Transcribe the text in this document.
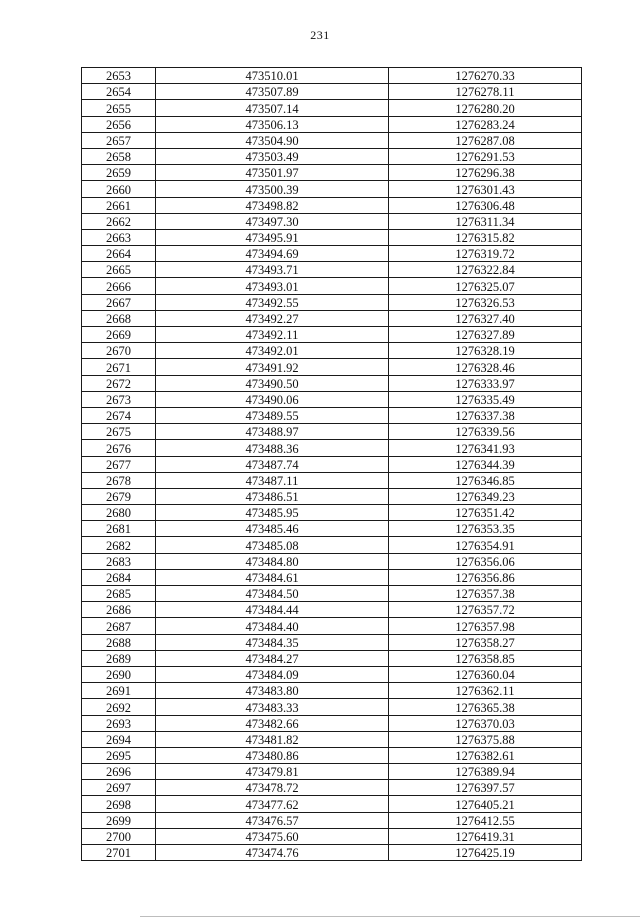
231
2653	473510.01	1276270.33
2654	473507.89	1276278.11
2655	473507.14	1276280.20
2656	473506.13	1276283.24
2657	473504.90	1276287.08
2658	473503.49	1276291.53
2659	473501.97	1276296.38
2660	473500.39	1276301.43
2661	473498.82	1276306.48
2662	473497.30	1276311.34
2663	473495.91	1276315.82
2664	473494.69	1276319.72
2665	473493.71	1276322.84
2666	473493.01	1276325.07
2667	473492.55	1276326.53
2668	473492.27	1276327.40
2669	473492.11	1276327.89
2670	473492.01	1276328.19
2671	473491.92	1276328.46
2672	473490.50	1276333.97
2673	473490.06	1276335.49
2674	473489.55	1276337.38
2675	473488.97	1276339.56
2676	473488.36	1276341.93
2677	473487.74	1276344.39
2678	473487.11	1276346.85
2679	473486.51	1276349.23
2680	473485.95	1276351.42
2681	473485.46	1276353.35
2682	473485.08	1276354.91
2683	473484.80	1276356.06
2684	473484.61	1276356.86
2685	473484.50	1276357.38
2686	473484.44	1276357.72
2687	473484.40	1276357.98
2688	473484.35	1276358.27
2689	473484.27	1276358.85
2690	473484.09	1276360.04
2691	473483.80	1276362.11
2692	473483.33	1276365.38
2693	473482.66	1276370.03
2694	473481.82	1276375.88
2695	473480.86	1276382.61
2696	473479.81	1276389.94
2697	473478.72	1276397.57
2698	473477.62	1276405.21
2699	473476.57	1276412.55
2700	473475.60	1276419.31
2701	473474.76	1276425.19
